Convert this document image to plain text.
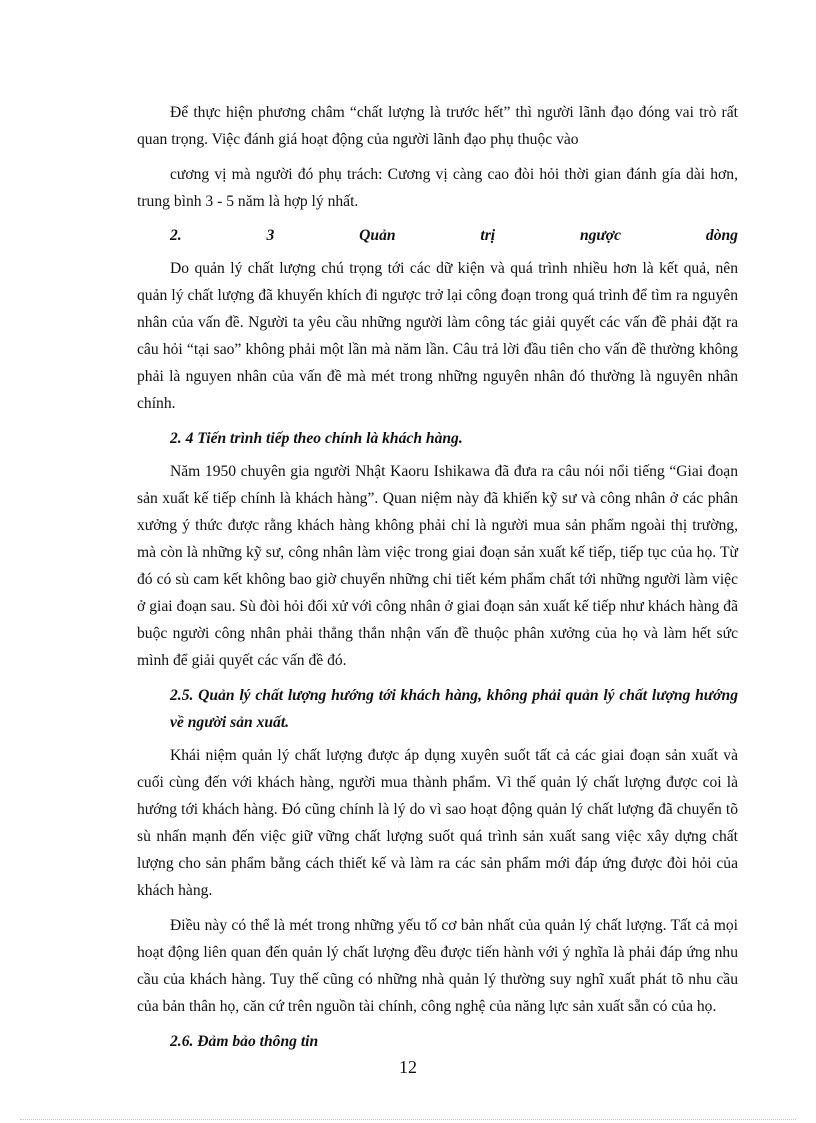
Để thực hiện phương châm “chất lượng là trước hết” thì người lãnh đạo đóng vai trò rất quan trọng. Việc đánh giá hoạt động của người lãnh đạo phụ thuộc vào

cương vị mà người đó phụ trách: Cương vị càng cao đòi hỏi thời gian đánh gía dài hơn, trung bình 3 - 5 năm là hợp lý nhất.

2.	3	Quản	trị	ngược	dòng

Do quản lý chất lượng chú trọng tới các dữ kiện và quá trình nhiều hơn là kết quả, nên quản lý chất lượng đã khuyến khích đi ngược trở lại công đoạn trong quá trình để tìm ra nguyên nhân của vấn đề. Người ta yêu cầu những người làm công tác giải quyết các vấn đề phải đặt ra câu hỏi “tại sao” không phải một lần mà năm lần. Câu trả lời đầu tiên cho vấn đề thường không phải là nguyen nhân của vấn đề mà mét trong những nguyên nhân đó thường là nguyên nhân chính.

2. 4 Tiến trình tiếp theo chính là khách hàng.

Năm 1950 chuyên gia người Nhật Kaoru Ishikawa đã đưa ra câu nói nổi tiếng “Giai đoạn sản xuất kế tiếp chính là khách hàng”. Quan niệm này đã khiến kỹ sư và công nhân ở các phân xưởng ý thức được rằng khách hàng không phải chỉ là người mua sản phẩm ngoài thị trường, mà còn là những kỹ sư, công nhân làm việc trong giai đoạn sản xuất kế tiếp, tiếp tục của họ. Từ đó có sù cam kết không bao giờ chuyển những chi tiết kém phẩm chất tới những người làm việc ở giai đoạn sau. Sù đòi hỏi đối xử với công nhân ở giai đoạn sản xuất kế tiếp như khách hàng đã buộc người công nhân phải thẳng thắn nhận vấn đề thuộc phân xưởng của họ và làm hết sức mình để giải quyết các vấn đề đó.

2.5. Quản lý chất lượng hướng tới khách hàng, không phải quản lý chất lượng hướng về người sản xuất.

Khái niệm quản lý chất lượng được áp dụng xuyên suốt tất cả các giai đoạn sản xuất và cuối cùng đến với khách hàng, người mua thành phẩm. Vì thế quản lý chất lượng được coi là hướng tới khách hàng. Đó cũng chính là lý do vì sao hoạt động quản lý chất lượng đã chuyển tõ sù nhấn mạnh đến việc giữ vững chất lượng suốt quá trình sản xuất sang việc xây dựng chất lượng cho sản phẩm bằng cách thiết kế và làm ra các sản phẩm mới đáp ứng được đòi hỏi của khách hàng.

Điều này có thể là mét trong những yếu tố cơ bản nhất của quản lý chất lượng. Tất cả mọi hoạt động liên quan đến quản lý chất lượng đều được tiến hành với ý nghĩa là phải đáp ứng nhu cầu của khách hàng. Tuy thế cũng có những nhà quản lý thường suy nghĩ xuất phát tõ nhu cầu của bản thân họ, căn cứ trên nguồn tài chính, công nghệ của năng lực sản xuất sẵn có của họ.

2.6. Đảm bảo thông tin
12
